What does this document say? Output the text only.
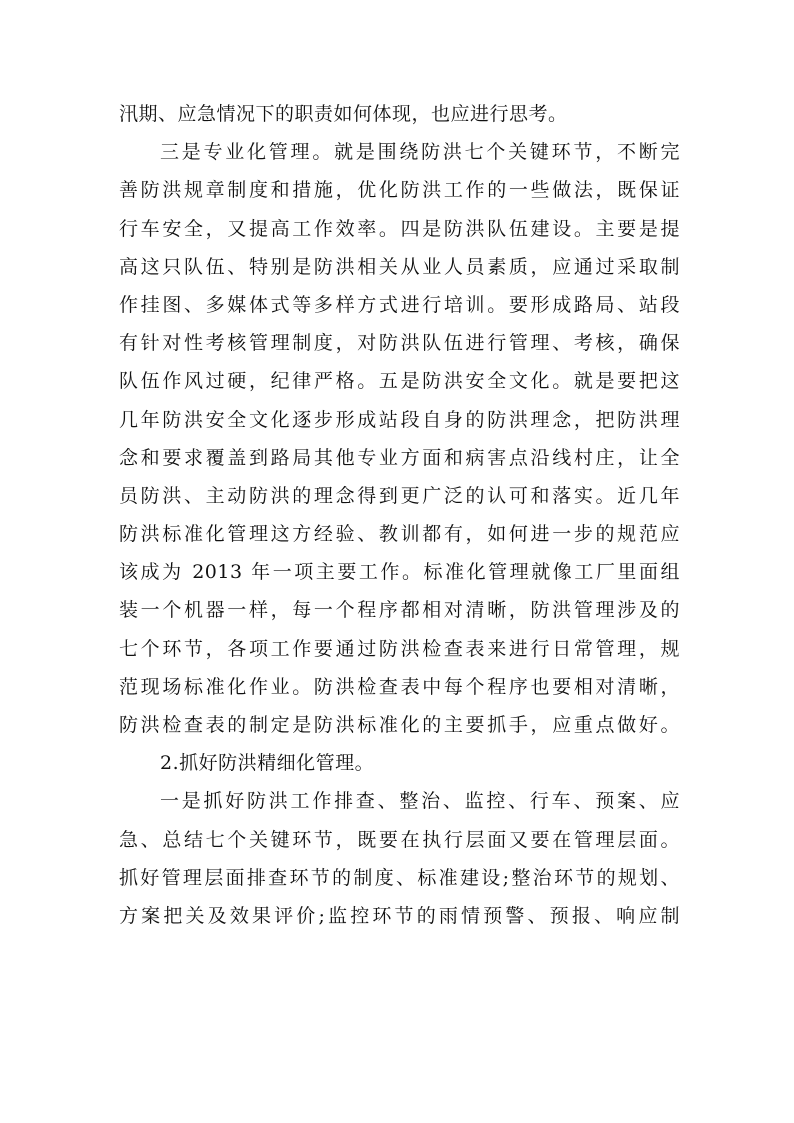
汛期、应急情况下的职责如何体现，也应进行思考。
三是专业化管理。就是围绕防洪七个关键环节，不断完
善防洪规章制度和措施，优化防洪工作的一些做法，既保证
行车安全，又提高工作效率。四是防洪队伍建设。主要是提
高这只队伍、特别是防洪相关从业人员素质，应通过采取制
作挂图、多媒体式等多样方式进行培训。要形成路局、站段
有针对性考核管理制度，对防洪队伍进行管理、考核，确保
队伍作风过硬，纪律严格。五是防洪安全文化。就是要把这
几年防洪安全文化逐步形成站段自身的防洪理念，把防洪理
念和要求覆盖到路局其他专业方面和病害点沿线村庄，让全
员防洪、主动防洪的理念得到更广泛的认可和落实。近几年
防洪标准化管理这方经验、教训都有，如何进一步的规范应
该成为 2013 年一项主要工作。标准化管理就像工厂里面组
装一个机器一样，每一个程序都相对清晰，防洪管理涉及的
七个环节，各项工作要通过防洪检查表来进行日常管理，规
范现场标准化作业。防洪检查表中每个程序也要相对清晰，
防洪检查表的制定是防洪标准化的主要抓手，应重点做好。
2.抓好防洪精细化管理。
一是抓好防洪工作排查、整治、监控、行车、预案、应
急、总结七个关键环节，既要在执行层面又要在管理层面。
抓好管理层面排查环节的制度、标准建设;整治环节的规划、
方案把关及效果评价;监控环节的雨情预警、预报、响应制
